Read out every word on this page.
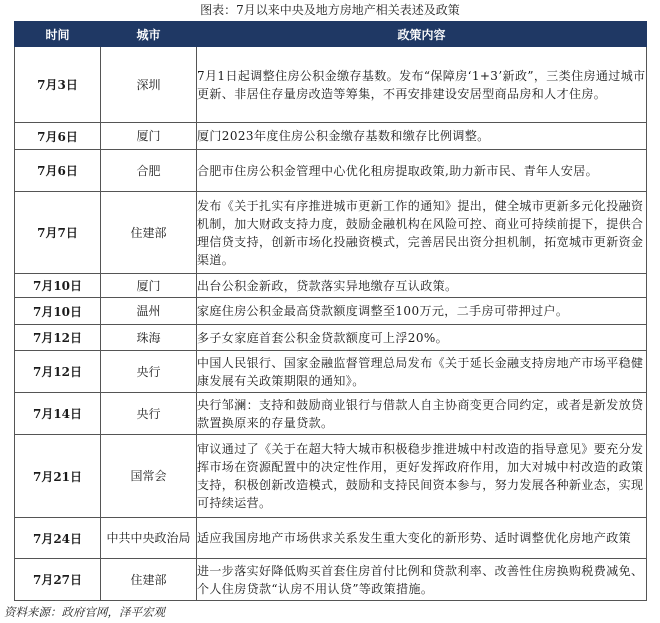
图表：7月以来中央及地方房地产相关表述及政策
时间	城市	政策内容
7月3日	深圳	7月1日起调整住房公积金缴存基数。发布“保障房‘1+3’新政”，三类住房通过城市更新、非居住存量房改造等筹集，不再安排建设安居型商品房和人才住房。
7月6日	厦门	厦门2023年度住房公积金缴存基数和缴存比例调整。
7月6日	合肥	合肥市住房公积金管理中心优化租房提取政策,助力新市民、青年人安居。
7月7日	住建部	发布《关于扎实有序推进城市更新工作的通知》提出，健全城市更新多元化投融资机制，加大财政支持力度，鼓励金融机构在风险可控、商业可持续前提下，提供合理信贷支持，创新市场化投融资模式，完善居民出资分担机制，拓宽城市更新资金渠道。
7月10日	厦门	出台公积金新政，贷款落实异地缴存互认政策。
7月10日	温州	家庭住房公积金最高贷款额度调整至100万元，二手房可带押过户。
7月12日	珠海	多子女家庭首套公积金贷款额度可上浮20%。
7月12日	央行	中国人民银行、国家金融监督管理总局发布《关于延长金融支持房地产市场平稳健康发展有关政策期限的通知》。
7月14日	央行	央行邹澜：支持和鼓励商业银行与借款人自主协商变更合同约定，或者是新发放贷款置换原来的存量贷款。
7月21日	国常会	审议通过了《关于在超大特大城市积极稳步推进城中村改造的指导意见》要充分发挥市场在资源配置中的决定性作用，更好发挥政府作用，加大对城中村改造的政策支持，积极创新改造模式，鼓励和支持民间资本参与，努力发展各种新业态，实现可持续运营。
7月24日	中共中央政治局	适应我国房地产市场供求关系发生重大变化的新形势、适时调整优化房地产政策
7月27日	住建部	进一步落实好降低购买首套住房首付比例和贷款利率、改善性住房换购税费减免、个人住房贷款“认房不用认贷”等政策措施。
资料来源：政府官网，泽平宏观
